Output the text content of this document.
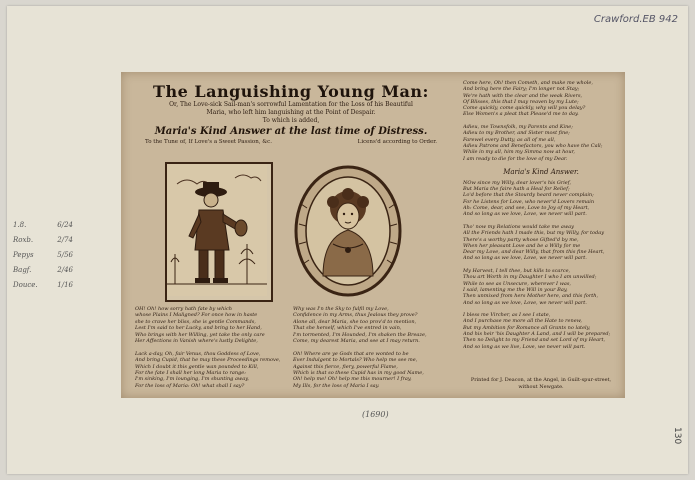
Crawford.EB 942
130
1.8.	6/24
Roxb.	2/74
Pepys	5/56
Bagf.	2/46
Douce.	1/16
(1690)
The Languishing Young Man:
Or, The Love-sick Sail-man's sorrowful Lamentation for the Loss of his Beautiful
Maria, who left him languishing at the Point of Despair.
To which is added,
Maria's Kind Answer at the last time of Distress.
To the Tune of, If Love's a Sweet Passion, &c.	Licens'd according to Order.
OH! Oh! how sorry hath fate by which
whose Plains I Maligned? For once how in haste
she to crave her bliss, she is gentle Commands,
Lest I'm said to her Lucky, and bring to her Hand,
Who brings with her Willing, yet take the only care
Her Affections in Vanish where's lustly Delighte,

Lack a-day, Oh, fair Venus, thou Goddess of Love,
And bring Cupid, that he may these Proceedings remove,
Which I doubt it this gentle wan pounded to Kill,
For the fate I shall her long Maria to range:
I'm sinking, I'm lounging, I'm shunting away,
For the loss of Maria: Oh! what shall I say?
Why was I'n the Sky to fulfil my Love,
Confidence in my Arms, thus Jealous they prove?
Alone all, dear Maria, she too prov'd to mention,
That she herself, which I've entred in vain,
I'm tormented, I'm Hounded, I'm shaken the Breaze,
Come, my dearest Maria, and see at I may return.

Oh! Where are ye Gods that are wonted to be
Ever Indulgent to Mortals? Who help me see me,
Against this fierce, fiery, powerful Flame,
Which is that so these Cupid has in my good Name,
Oh! help me! Oh! help me this mourner! I fray,
My Ills, for the loss of Maria I say.
Come here, Oh! then Cometh, and make me whole,
And bring here the Fairy; I'm longer not Stay;
We're hath with the clear and the weak Rivers,
Of Blisses, this that I may reaven by my Lute;
Come quickly, come quickly, why will you delay?
Else Women's a pleat that Please'd me to day.

Adieu, me Townsfolk, my Parents and Kine;
Adieu to my Brother, and Sister most fine;
Farewel every Dutty, as all of me all,
Adieu Patrons and Benefactors, you who have the Call;
While in my all, him my Simma now at hour,
I am ready to die for the love of my Dear.
Maria's Kind Answer.
NOw since my Willy, dear lover's his Grief,
But Maria the faire hath a Heal for Relief;
Lo'd before that the Stourdy heard never complain;
For he Listens for Love, who never'd Lovers remain
Ah: Come, dear, and see, Love to Joy of my Heart,
And so long as we love, Love, we never will part.

Tho' now my Relations would take me away
All the Friends hath I made this, but my Willy, for today
There's a worthy party whose Gifted'd by me,
When her pleasant Love and be a Willy for me
Dear my Love, and dear Willy, that from this fine Heart,
And so long as we love, Love, we never will part.

My Harvest, I tell thee, but kills to scarce,
Thou art Worth in my Daughter I who I am unwilled;
While to see as Unsecure, wherever I was,
I said, lamenting me the Will in your Bay,
Then unmixed from hers Mother here, and this forth,
And so long as we love, Love, we never will part.

I bless me Vircher, as I see I state,
And I purchase me more all the Hate to renew,
But my Ambition for Romance all Grants no lately,
And his heir 'his Daughter A Land, and I will be prepared;
Then no Delight to my Friend and set Lord of my Heart,
And so long as we live, Love, we never will part.
Printed for J. Deacon, at the Angel, in Guilt-spur-street,
without Newgate.
